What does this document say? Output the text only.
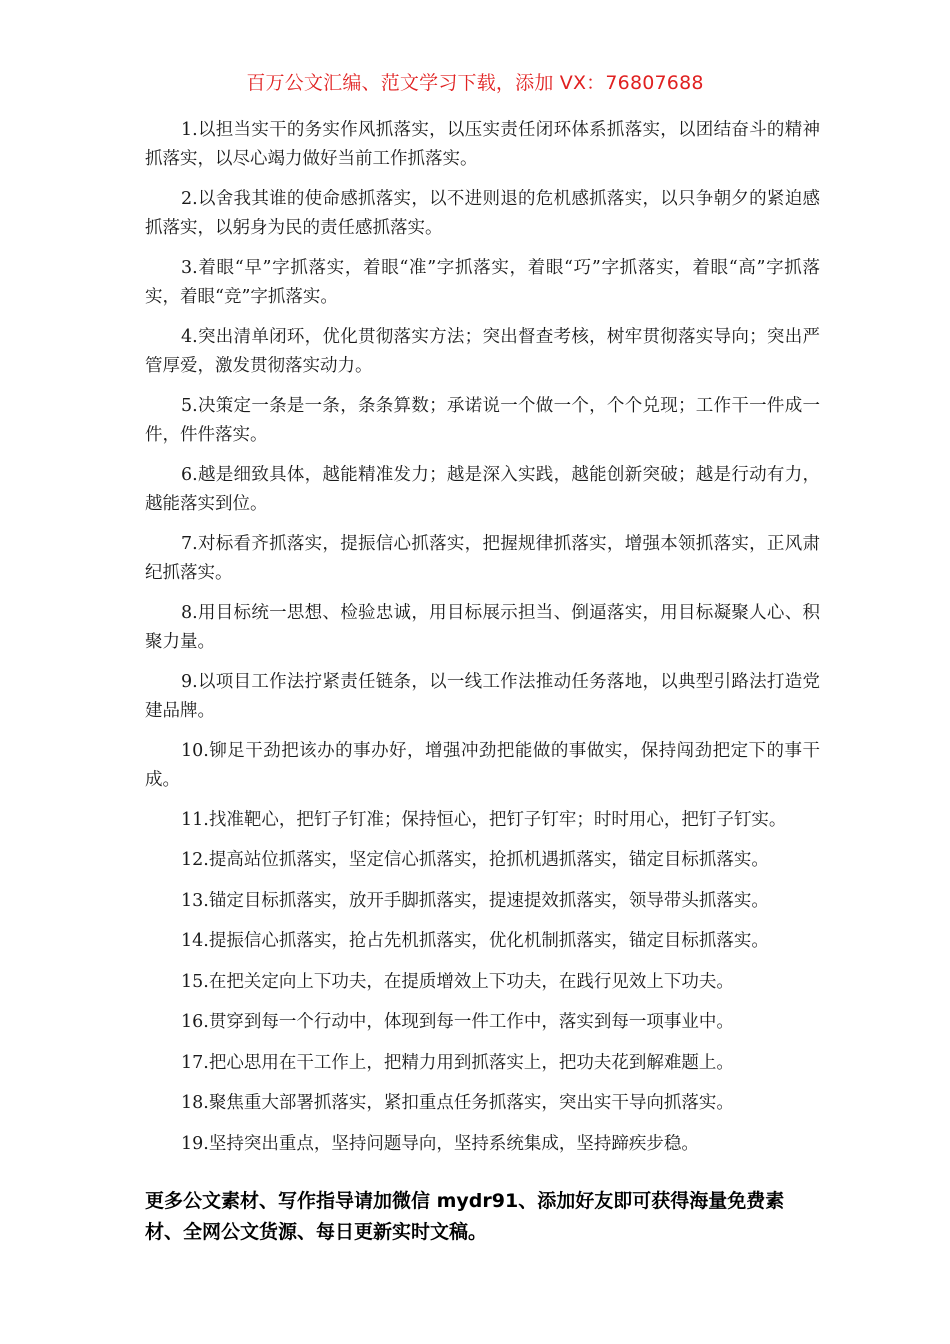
百万公文汇编、范文学习下载，添加 VX：76807688

1.以担当实干的务实作风抓落实，以压实责任闭环体系抓落实，以团结奋斗的精神抓落实，以尽心竭力做好当前工作抓落实。

2.以舍我其谁的使命感抓落实，以不进则退的危机感抓落实，以只争朝夕的紧迫感抓落实，以躬身为民的责任感抓落实。

3.着眼“早”字抓落实，着眼“准”字抓落实，着眼“巧”字抓落实，着眼“高”字抓落实，着眼“竞”字抓落实。

4.突出清单闭环，优化贯彻落实方法；突出督查考核，树牢贯彻落实导向；突出严管厚爱，激发贯彻落实动力。

5.决策定一条是一条，条条算数；承诺说一个做一个，个个兑现；工作干一件成一件，件件落实。

6.越是细致具体，越能精准发力；越是深入实践，越能创新突破；越是行动有力，越能落实到位。

7.对标看齐抓落实，提振信心抓落实，把握规律抓落实，增强本领抓落实，正风肃纪抓落实。

8.用目标统一思想、检验忠诚，用目标展示担当、倒逼落实，用目标凝聚人心、积聚力量。

9.以项目工作法拧紧责任链条，以一线工作法推动任务落地，以典型引路法打造党建品牌。

10.铆足干劲把该办的事办好，增强冲劲把能做的事做实，保持闯劲把定下的事干成。

11.找准靶心，把钉子钉准；保持恒心，把钉子钉牢；时时用心，把钉子钉实。

12.提高站位抓落实，坚定信心抓落实，抢抓机遇抓落实，锚定目标抓落实。

13.锚定目标抓落实，放开手脚抓落实，提速提效抓落实，领导带头抓落实。

14.提振信心抓落实，抢占先机抓落实，优化机制抓落实，锚定目标抓落实。

15.在把关定向上下功夫，在提质增效上下功夫，在践行见效上下功夫。

16.贯穿到每一个行动中，体现到每一件工作中，落实到每一项事业中。

17.把心思用在干工作上，把精力用到抓落实上，把功夫花到解难题上。

18.聚焦重大部署抓落实，紧扣重点任务抓落实，突出实干导向抓落实。

19.坚持突出重点，坚持问题导向，坚持系统集成，坚持蹄疾步稳。

更多公文素材、写作指导请加微信 mydr91、添加好友即可获得海量免费素材、全网公文货源、每日更新实时文稿。
